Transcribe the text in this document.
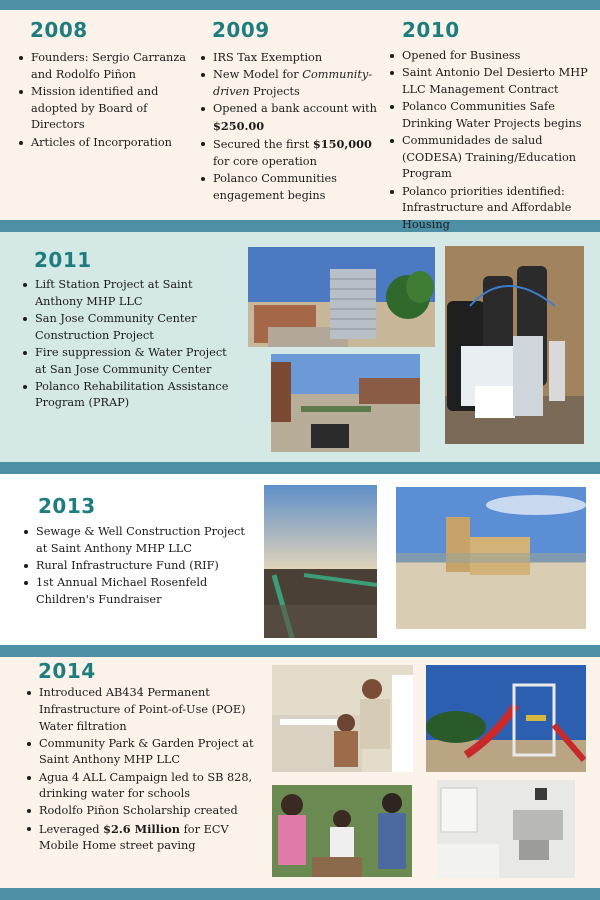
2008
Founders: Sergio Carranza and Rodolfo Piñon
Mission identified and adopted by Board of Directors
Articles of Incorporation
2009
IRS Tax Exemption
New Model for Community-driven Projects
Opened a bank account with $250.00
Secured the first $150,000 for core operation
Polanco Communities engagement begins
2010
Opened for Business
Saint Antonio Del Desierto MHP LLC Management Contract
Polanco Communities Safe Drinking Water Projects begins
Communidades de salud (CODESA) Training/Education Program
Polanco priorities identified: Infrastructure and Affordable Housing
2011
Lift Station Project at Saint Anthony MHP LLC
San Jose Community Center Construction Project
Fire suppression & Water Project at San Jose Community Center
Polanco Rehabilitation Assistance Program (PRAP)
2013
Sewage & Well Construction Project at Saint Anthony MHP LLC
Rural Infrastructure Fund (RIF)
1st Annual Michael Rosenfeld Children's Fundraiser
2014
Introduced AB434 Permanent Infrastructure of Point-of-Use (POE) Water filtration
Community Park & Garden Project at Saint Anthony MHP LLC
Agua 4 ALL Campaign led to SB 828, drinking water for schools
Rodolfo Piñon Scholarship created
Leveraged $2.6 Million for ECV Mobile Home street paving
